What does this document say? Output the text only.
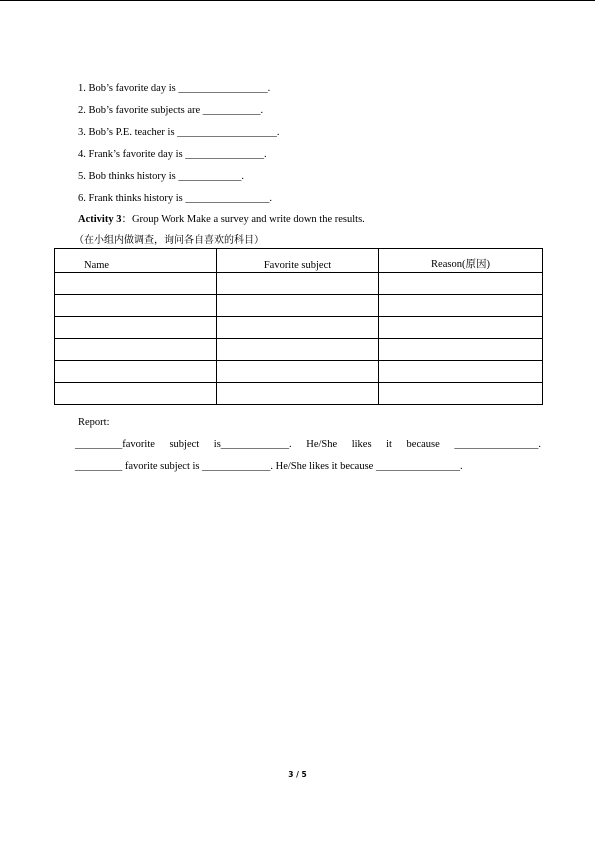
1. Bob’s favorite day is _________________.
2. Bob’s favorite subjects are ___________.
3. Bob’s P.E. teacher is ___________________.
4. Frank’s favorite day is _______________.
5. Bob thinks history is ____________.
6. Frank thinks history is ________________.
Activity 3：Group Work Make a survey and write down the results.
（在小组内做调查，询问各自喜欢的科目）
Name	Favorite subject	Reason(原因)

Report:
_________favorite subject is_____________. He/She likes it because ________________.
_________ favorite subject is _____________. He/She likes it because ________________.
3 / 5
